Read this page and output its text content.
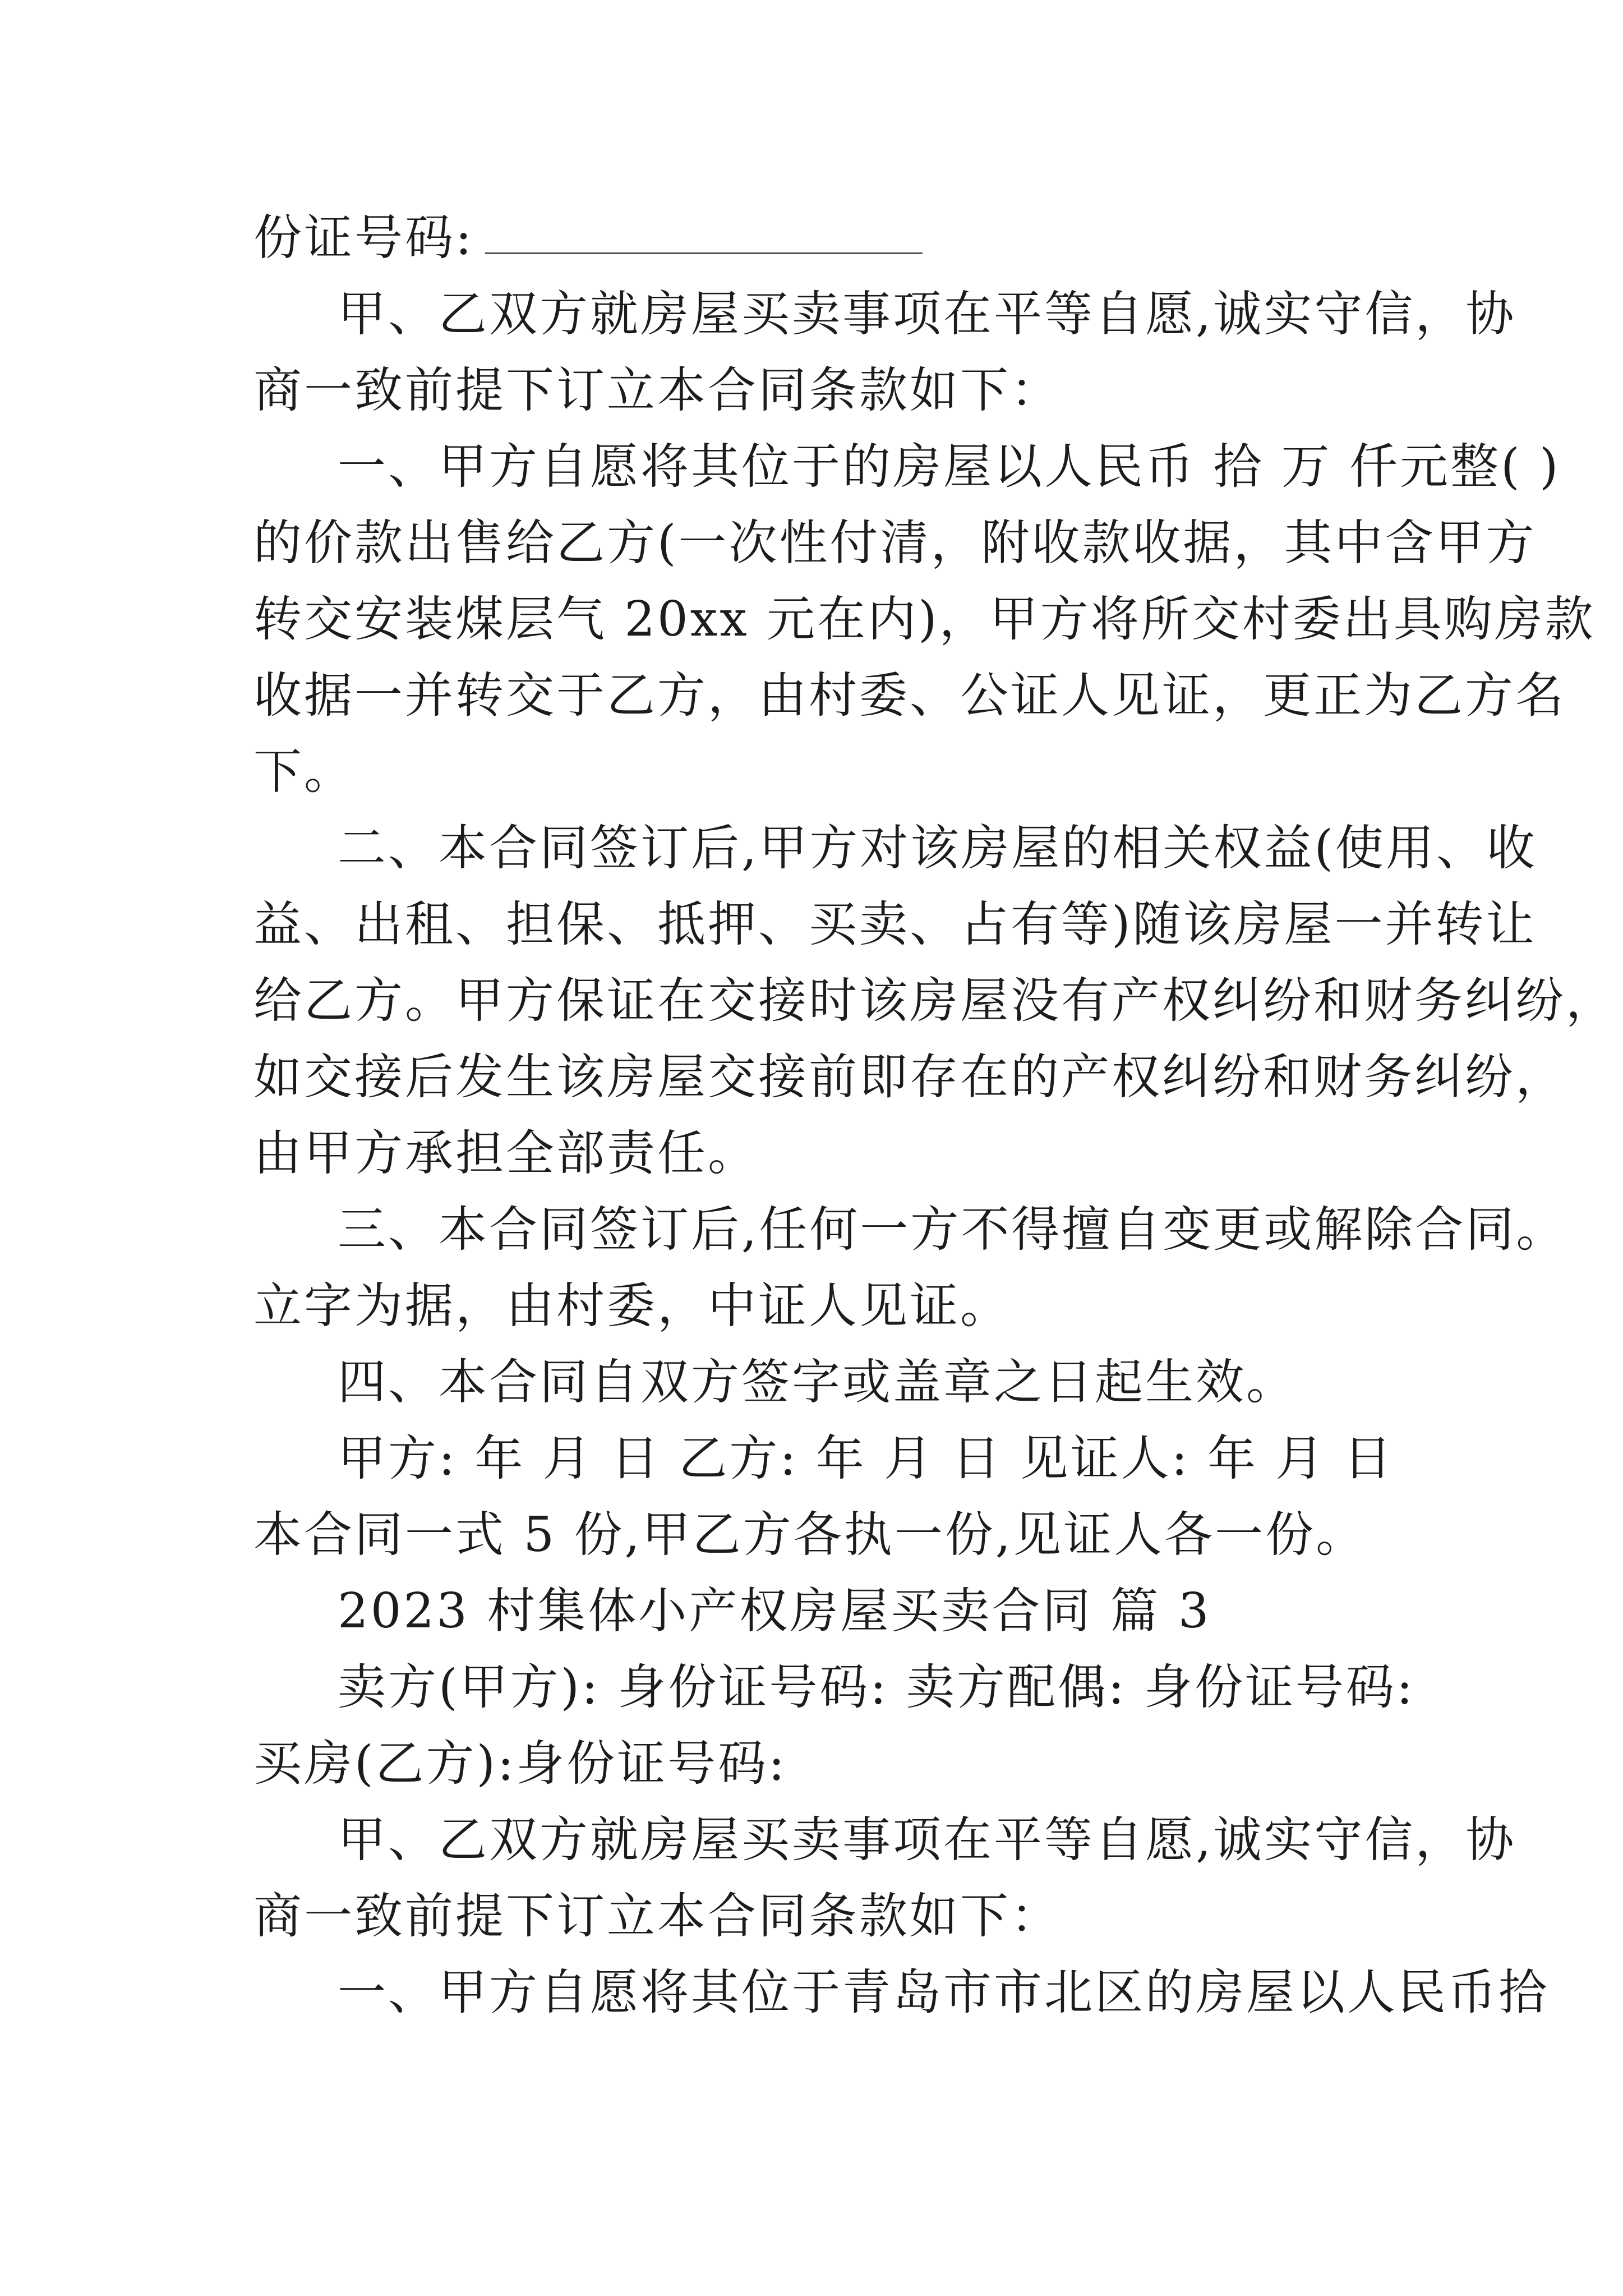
份证号码:
甲、乙双方就房屋买卖事项在平等自愿,诚实守信，协
商一致前提下订立本合同条款如下：
一、甲方自愿将其位于的房屋以人民币 拾 万 仟元整( )
的价款出售给乙方(一次性付清，附收款收据，其中含甲方
转交安装煤层气 20xx 元在内)，甲方将所交村委出具购房款
收据一并转交于乙方，由村委、公证人见证，更正为乙方名
下。
二、本合同签订后,甲方对该房屋的相关权益(使用、收
益、出租、担保、抵押、买卖、占有等)随该房屋一并转让
给乙方。甲方保证在交接时该房屋没有产权纠纷和财务纠纷，
如交接后发生该房屋交接前即存在的产权纠纷和财务纠纷，
由甲方承担全部责任。
三、本合同签订后,任何一方不得擅自变更或解除合同。
立字为据，由村委，中证人见证。
四、本合同自双方签字或盖章之日起生效。
甲方: 年 月 日 乙方: 年 月 日 见证人: 年 月 日
本合同一式 5 份,甲乙方各执一份,见证人各一份。
2023 村集体小产权房屋买卖合同 篇 3
卖方(甲方): 身份证号码: 卖方配偶: 身份证号码:
买房(乙方):身份证号码:
甲、乙双方就房屋买卖事项在平等自愿,诚实守信，协
商一致前提下订立本合同条款如下：
一、甲方自愿将其位于青岛市市北区的房屋以人民币拾
